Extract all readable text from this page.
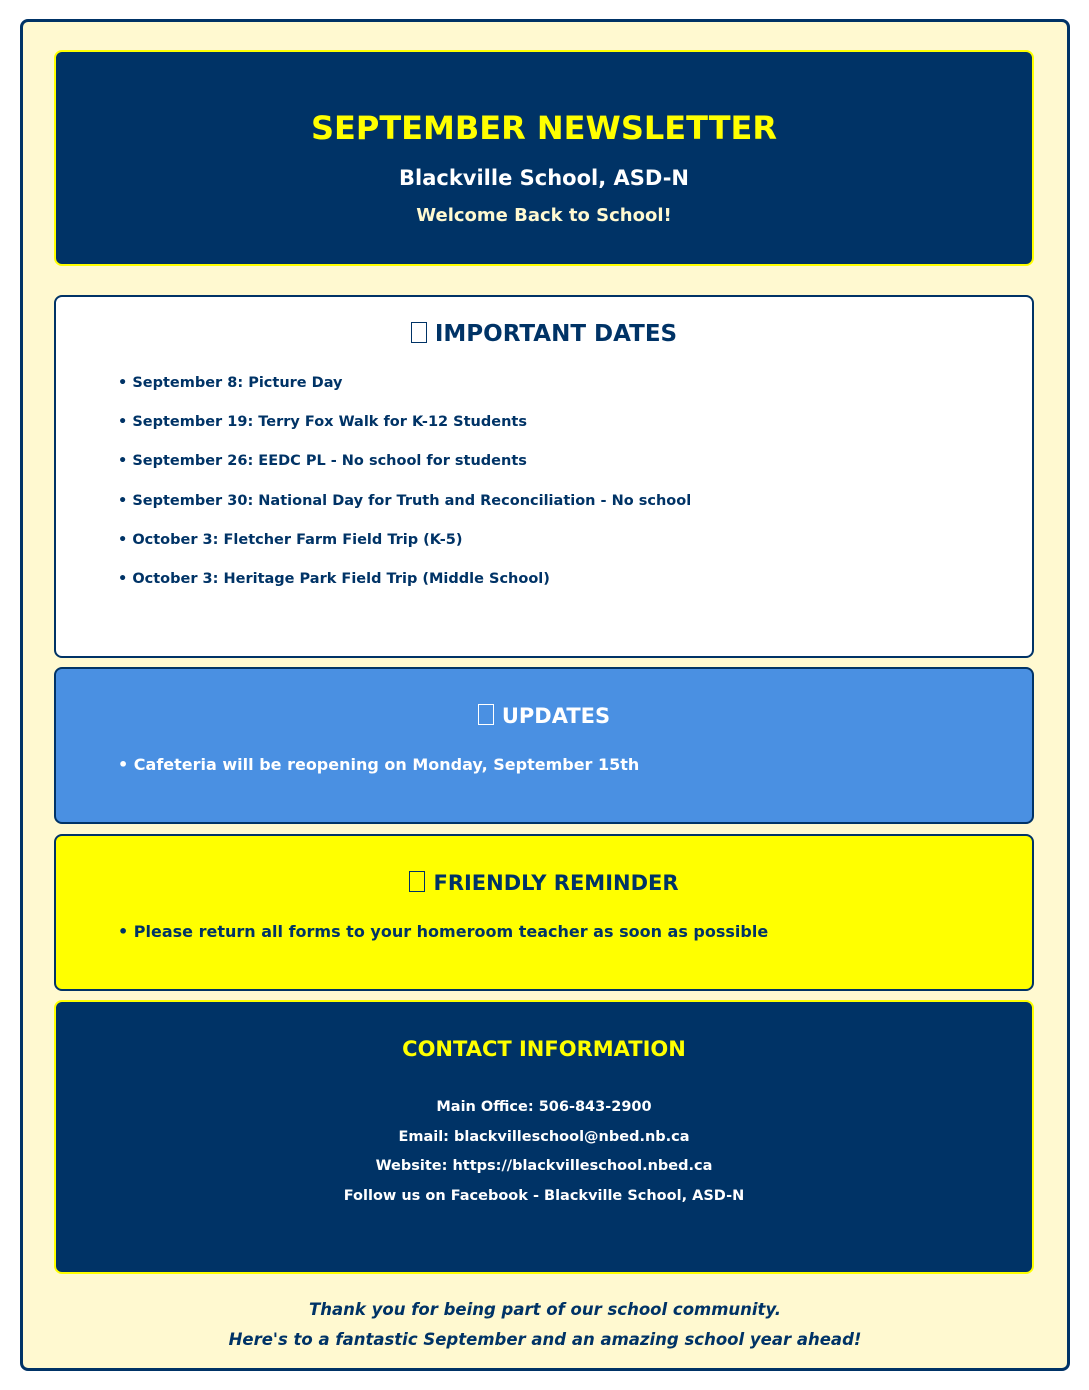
SEPTEMBER NEWSLETTER
Blackville School, ASD-N
Welcome Back to School!
IMPORTANT DATES
• September 8: Picture Day
• September 19: Terry Fox Walk for K-12 Students
• September 26: EEDC PL - No school for students
• September 30: National Day for Truth and Reconciliation - No school
• October 3: Fletcher Farm Field Trip (K-5)
• October 3: Heritage Park Field Trip (Middle School)
UPDATES
• Cafeteria will be reopening on Monday, September 15th
FRIENDLY REMINDER
• Please return all forms to your homeroom teacher as soon as possible
CONTACT INFORMATION
Main Office: 506-843-2900
Email: blackvilleschool@nbed.nb.ca
Website: https://blackvilleschool.nbed.ca
Follow us on Facebook - Blackville School, ASD-N
Thank you for being part of our school community.
Here's to a fantastic September and an amazing school year ahead!
